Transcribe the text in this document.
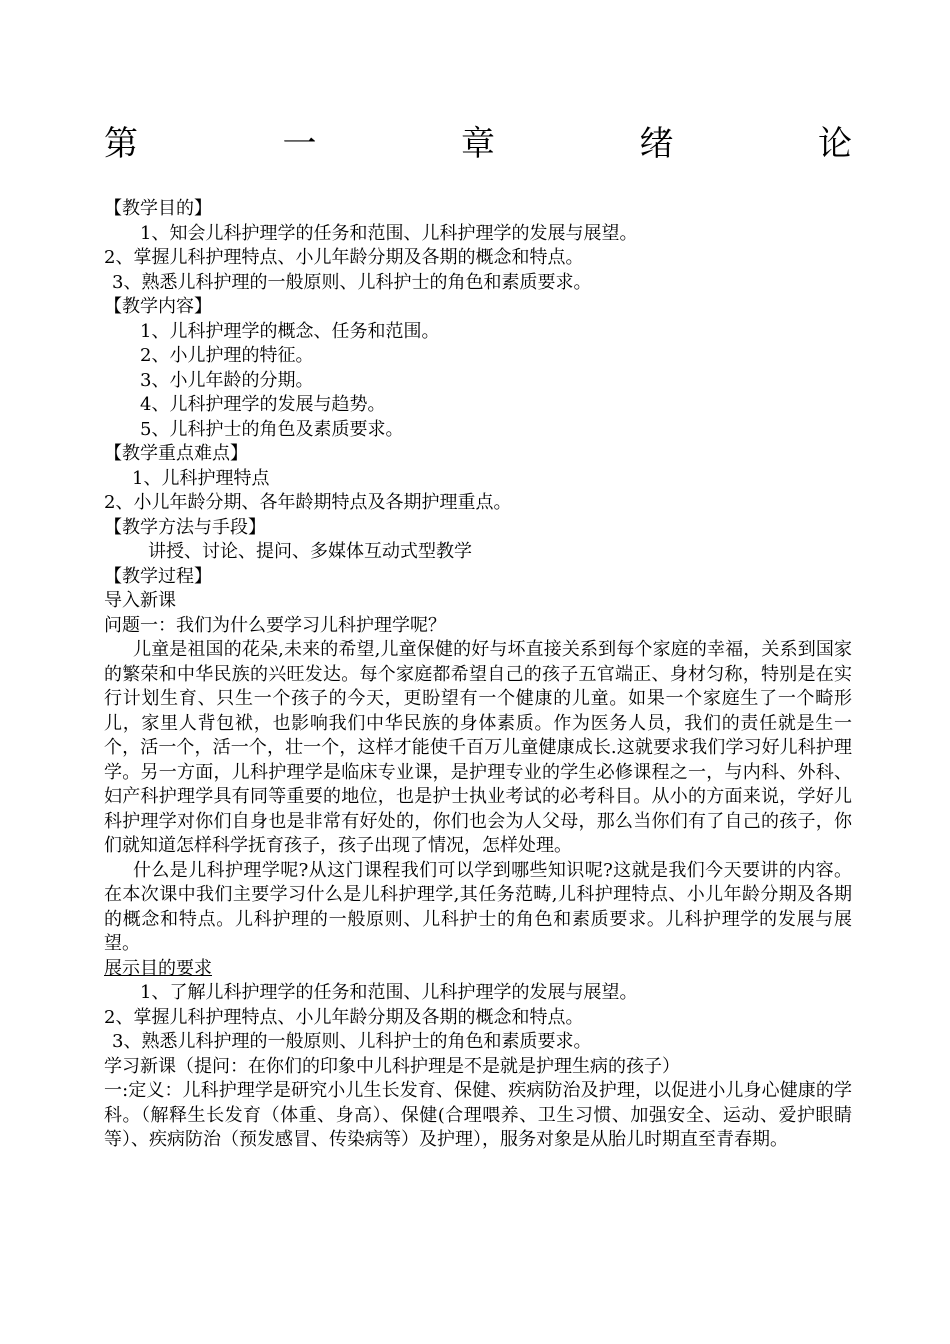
第	一	章	绪	论
【教学目的】
1、知会儿科护理学的任务和范围、儿科护理学的发展与展望。
2、掌握儿科护理特点、小儿年龄分期及各期的概念和特点。
3、熟悉儿科护理的一般原则、儿科护士的角色和素质要求。
【教学内容】
1、儿科护理学的概念、任务和范围。
2、小儿护理的特征。
3、小儿年龄的分期。
4、儿科护理学的发展与趋势。
5、儿科护士的角色及素质要求。
【教学重点难点】
1、儿科护理特点
2、小儿年龄分期、各年龄期特点及各期护理重点。
【教学方法与手段】
讲授、讨论、提问、多媒体互动式型教学
【教学过程】
导入新课
问题一：我们为什么要学习儿科护理学呢？
儿童是祖国的花朵,未来的希望,儿童保健的好与坏直接关系到每个家庭的幸福，关系到国家的繁荣和中华民族的兴旺发达。每个家庭都希望自己的孩子五官端正、身材匀称，特别是在实行计划生育、只生一个孩子的今天，更盼望有一个健康的儿童。如果一个家庭生了一个畸形儿，家里人背包袱，也影响我们中华民族的身体素质。作为医务人员，我们的责任就是生一个，活一个，活一个，壮一个，这样才能使千百万儿童健康成长.这就要求我们学习好儿科护理学。另一方面，儿科护理学是临床专业课，是护理专业的学生必修课程之一，与内科、外科、妇产科护理学具有同等重要的地位，也是护士执业考试的必考科目。从小的方面来说，学好儿科护理学对你们自身也是非常有好处的，你们也会为人父母，那么当你们有了自己的孩子，你们就知道怎样科学抚育孩子，孩子出现了情况，怎样处理。
什么是儿科护理学呢?从这门课程我们可以学到哪些知识呢?这就是我们今天要讲的内容。在本次课中我们主要学习什么是儿科护理学,其任务范畴,儿科护理特点、小儿年龄分期及各期的概念和特点。儿科护理的一般原则、儿科护士的角色和素质要求。儿科护理学的发展与展望。
展示目的要求
1、了解儿科护理学的任务和范围、儿科护理学的发展与展望。
2、掌握儿科护理特点、小儿年龄分期及各期的概念和特点。
3、熟悉儿科护理的一般原则、儿科护士的角色和素质要求。
学习新课（提问：在你们的印象中儿科护理是不是就是护理生病的孩子）
一:定义：儿科护理学是研究小儿生长发育、保健、疾病防治及护理，以促进小儿身心健康的学科。（解释生长发育（体重、身高）、保健(合理喂养、卫生习惯、加强安全、运动、爱护眼睛等）、疾病防治（预发感冒、传染病等）及护理），服务对象是从胎儿时期直至青春期。
